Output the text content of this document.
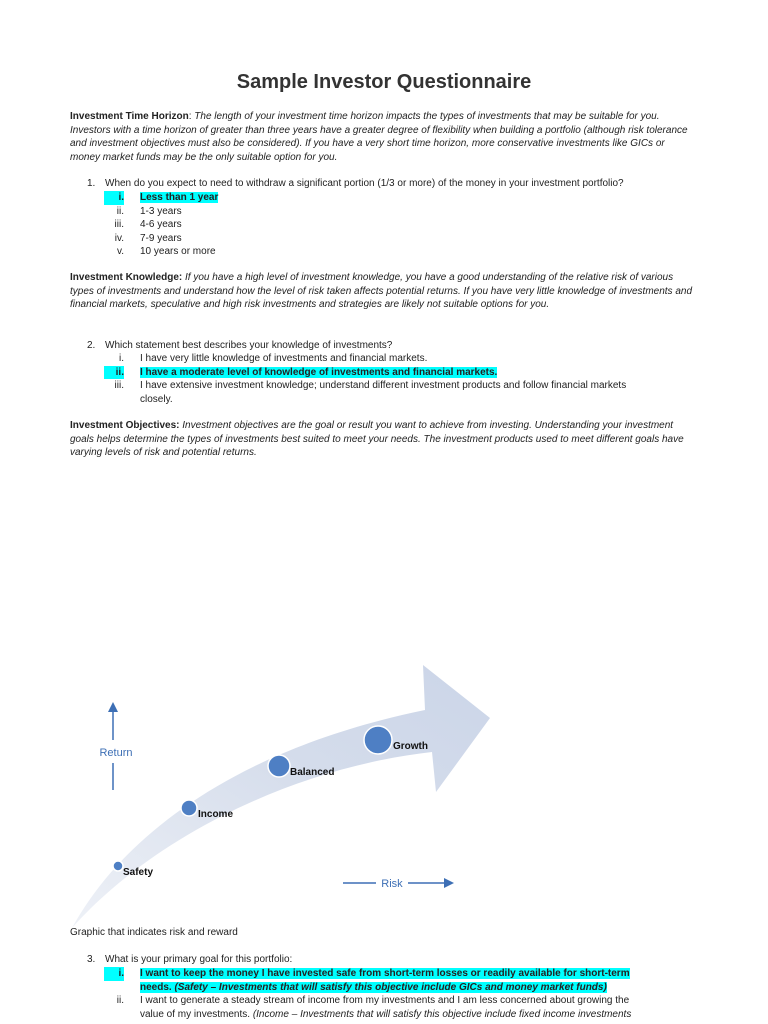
Sample Investor Questionnaire
Investment Time Horizon: The length of your investment time horizon impacts the types of investments that may be suitable for you. Investors with a time horizon of greater than three years have a greater degree of flexibility when building a portfolio (although risk tolerance and investment objectives must also be considered). If you have a very short time horizon, more conservative investments like GICs or money market funds may be the only suitable option for you.
1. When do you expect to need to withdraw a significant portion (1/3 or more) of the money in your investment portfolio?
i. Less than 1 year
ii. 1-3 years
iii. 4-6 years
iv. 7-9 years
v. 10 years or more
Investment Knowledge: If you have a high level of investment knowledge, you have a good understanding of the relative risk of various types of investments and understand how the level of risk taken affects potential returns. If you have very little knowledge of investments and financial markets, speculative and high risk investments and strategies are likely not suitable options for you.
2. Which statement best describes your knowledge of investments?
i. I have very little knowledge of investments and financial markets.
ii. I have a moderate level of knowledge of investments and financial markets.
iii. I have extensive investment knowledge; understand different investment products and follow financial markets
closely.
Investment Objectives: Investment objectives are the goal or result you want to achieve from investing. Understanding your investment goals helps determine the types of investments best suited to meet your needs. The investment products used to meet different goals have varying levels of risk and potential returns.
Return
Risk
Safety
Income
Balanced
Growth
Graphic that indicates risk and reward
3. What is your primary goal for this portfolio:
i. I want to keep the money I have invested safe from short-term losses or readily available for short-term
needs. (Safety – Investments that will satisfy this objective include GICs and money market funds)
ii. I want to generate a steady stream of income from my investments and I am less concerned about growing the
value of my investments. (Income – Investments that will satisfy this objective include fixed income investments
